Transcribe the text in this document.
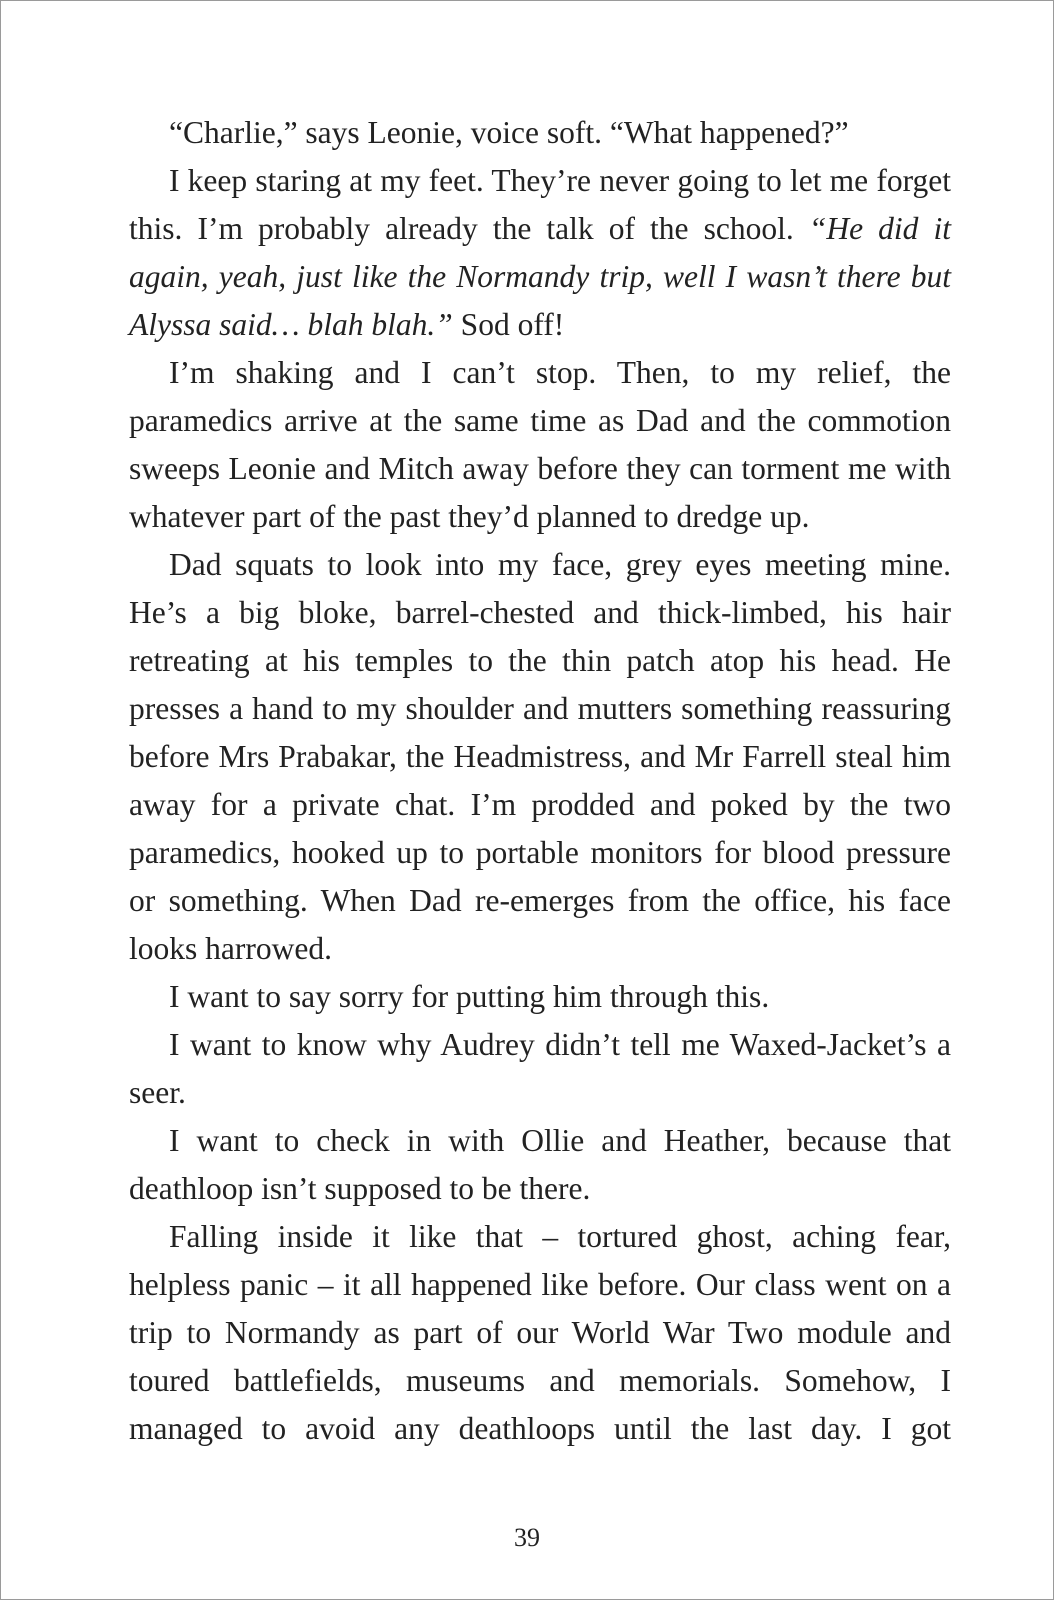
“Charlie,” says Leonie, voice soft. “What happened?”

I keep staring at my feet. They’re never going to let me forget this. I’m probably already the talk of the school. “He did it again, yeah, just like the Normandy trip, well I wasn’t there but Alyssa said… blah blah.” Sod off!

I’m shaking and I can’t stop. Then, to my relief, the paramedics arrive at the same time as Dad and the commotion sweeps Leonie and Mitch away before they can torment me with whatever part of the past they’d planned to dredge up.

Dad squats to look into my face, grey eyes meeting mine. He’s a big bloke, barrel-chested and thick-limbed, his hair retreating at his temples to the thin patch atop his head. He presses a hand to my shoulder and mutters something reassuring before Mrs Prabakar, the Headmistress, and Mr Farrell steal him away for a private chat. I’m prodded and poked by the two paramedics, hooked up to portable monitors for blood pressure or something. When Dad re-emerges from the office, his face looks harrowed.

I want to say sorry for putting him through this.

I want to know why Audrey didn’t tell me Waxed-Jacket’s a seer.

I want to check in with Ollie and Heather, because that deathloop isn’t supposed to be there.

Falling inside it like that – tortured ghost, aching fear, helpless panic – it all happened like before. Our class went on a trip to Normandy as part of our World War Two module and toured battlefields, museums and memorials. Somehow, I managed to avoid any deathloops until the last day. I got

39
